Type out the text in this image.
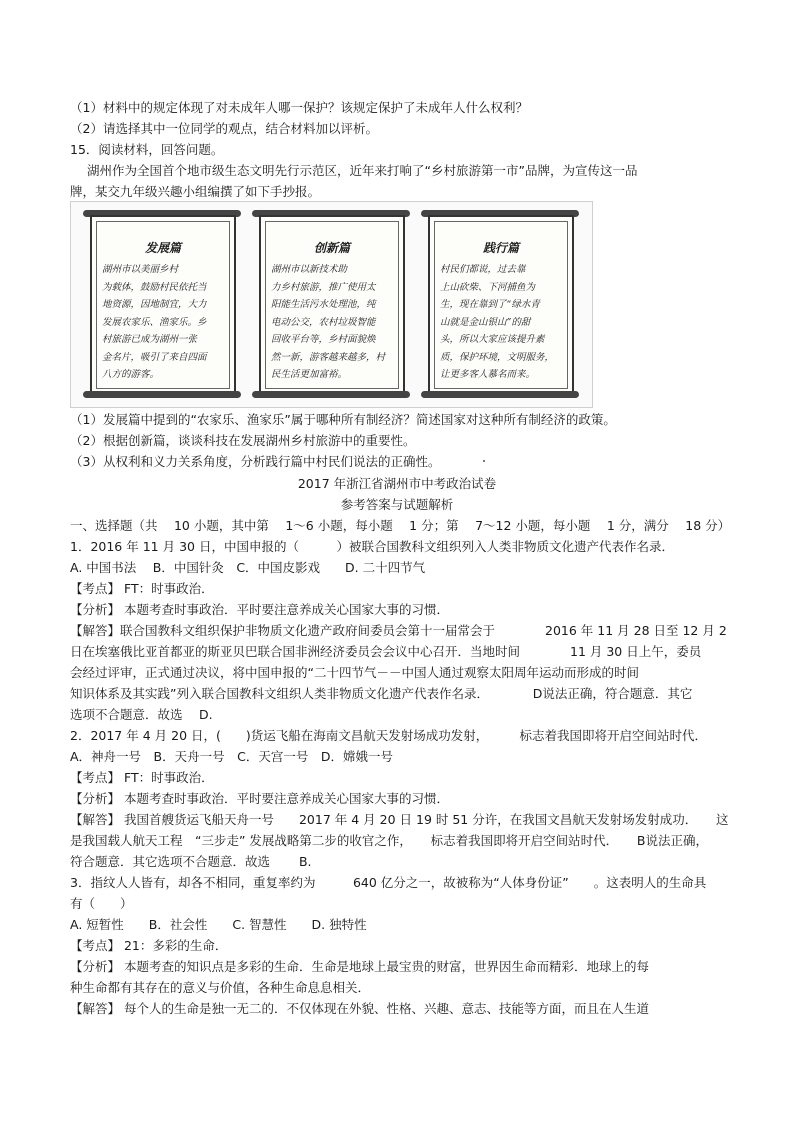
（1）材料中的规定体现了对未成年人哪一保护？该规定保护了未成年人什么权利？
（2）请选择其中一位同学的观点，结合材料加以评析。
15．阅读材料，回答问题。
湖州作为全国首个地市级生态文明先行示范区，近年来打响了“乡村旅游第一市”品牌，为宣传这一品
牌，某交九年级兴趣小组编撰了如下手抄报。
发展篇
湖州市以美丽乡村
为载体，鼓励村民依托当
地资源，因地制宜，大力
发展农家乐、渔家乐。乡
村旅游已成为湖州一张
金名片，吸引了来自四面
八方的游客。
创新篇
湖州市以新技术助
力乡村旅游，推广使用太
阳能生活污水处理池，纯
电动公交，农村垃圾智能
回收平台等，乡村面貌焕
然一新，游客越来越多，村
民生活更加富裕。
践行篇
村民们都说，过去靠
上山砍柴、下河捕鱼为
生，现在靠到了“绿水青
山就是金山银山”的甜
头，所以大家应该提升素
质，保护环境，文明服务，
让更多客人慕名而来。
（1）发展篇中提到的“农家乐、渔家乐”属于哪种所有制经济？简述国家对这种所有制经济的政策。
（2）根据创新篇，谈谈科技在发展湖州乡村旅游中的重要性。
（3）从权利和义力关系角度，分析践行篇中村民们说法的正确性。
2017 年浙江省湖州市中考政治试卷
参考答案与试题解析
一、选择题（共 　10 小题，其中第 　1～6 小题，每小题 　1 分；第 　7～12 小题，每小题 　1 分，满分 　18 分）
1．2016 年 11 月 30 日，中国申报的（　　　）被联合国教科文组织列入人类非物质文化遗产代表作名录．
A. 中国书法　 B．中国针灸　C．中国皮影戏　　D. 二十四节气
【考点】 FT：时事政治．
【分析】 本题考查时事政治．平时要注意养成关心国家大事的习惯．
【解答】联合国教科文组织保护非物质文化遗产政府间委员会第十一届常会于　　　　2016 年 11 月 28 日至 12 月 2
日在埃塞俄比亚首都亚的斯亚贝巴联合国非洲经济委员会会议中心召开．当地时间　　　　11 月 30 日上午，委员
会经过评审，正式通过决议，将中国申报的“二十四节气－－中国人通过观察太阳周年运动而形成的时间
知识体系及其实践”列入联合国教科文组织人类非物质文化遗产代表作名录．　　　　D说法正确，符合题意．其它
选项不合题意．故选　 D.
2．2017 年 4 月 20 日，(　　)货运飞船在海南文昌航天发射场成功发射，　　　标志着我国即将开启空间站时代．
A．神舟一号　B．天舟一号　C．天宫一号　D．嫦娥一号
【考点】 FT：时事政治．
【分析】 本题考查时事政治．平时要注意养成关心国家大事的习惯．
【解答】 我国首艘货运飞船天舟一号　　2017 年 4 月 20 日 19 时 51 分许，在我国文昌航天发射场发射成功．　　这
是我国载人航天工程　“三步走” 发展战略第二步的收官之作，　　标志着我国即将开启空间站时代．　　B说法正确，
符合题意．其它选项不合题意．故选　　 B.
3．指纹人人皆有，却各不相同，重复率约为　　　640 亿分之一，故被称为“人体身份证”　　。这表明人的生命具
有（　　）
A. 短暂性　　B．社会性　　C. 智慧性　　D. 独特性
【考点】 21：多彩的生命．
【分析】 本题考查的知识点是多彩的生命．生命是地球上最宝贵的财富，世界因生命而精彩．地球上的每
种生命都有其存在的意义与价值，各种生命息息相关．
【解答】 每个人的生命是独一无二的．不仅体现在外貌、性格、兴趣、意志、技能等方面，而且在人生道
